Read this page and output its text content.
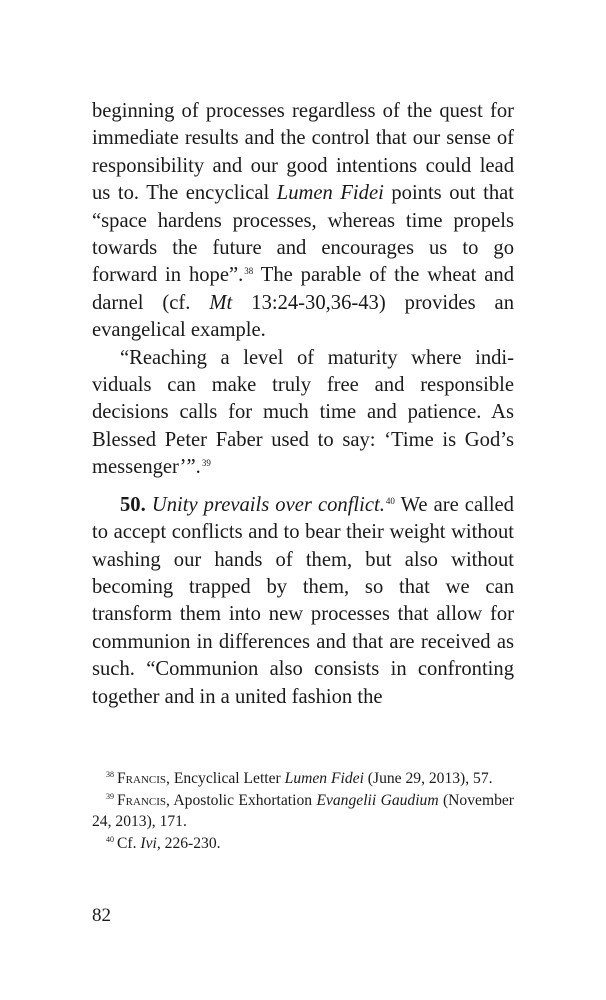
beginning of processes regardless of the quest for immediate results and the control that our sense of responsibility and our good intentions could lead us to. The encyclical Lumen Fidei points out that “space hardens processes, whereas time propels towards the future and encourages us to go forward in hope”.$^{38}$ The parable of the wheat and darnel (cf. Mt 13:24-30,36-43) provides an evangelical example.

“Reaching a level of maturity where individuals can make truly free and responsible decisions calls for much time and patience. As Blessed Peter Faber used to say: ‘Time is God’s messenger’”.$^{39}$

50. Unity prevails over conflict.$^{40}$ We are called to accept conflicts and to bear their weight without washing our hands of them, but also without becoming trapped by them, so that we can transform them into new processes that allow for communion in differences and that are received as such. “Communion also consists in confronting together and in a united fashion the

$^{38}$ Francis, Encyclical Letter Lumen Fidei (June 29, 2013), 57.

$^{39}$ Francis, Apostolic Exhortation Evangelii Gaudium (November 24, 2013), 171.

$^{40}$ Cf. Ivi, 226-230.

82
